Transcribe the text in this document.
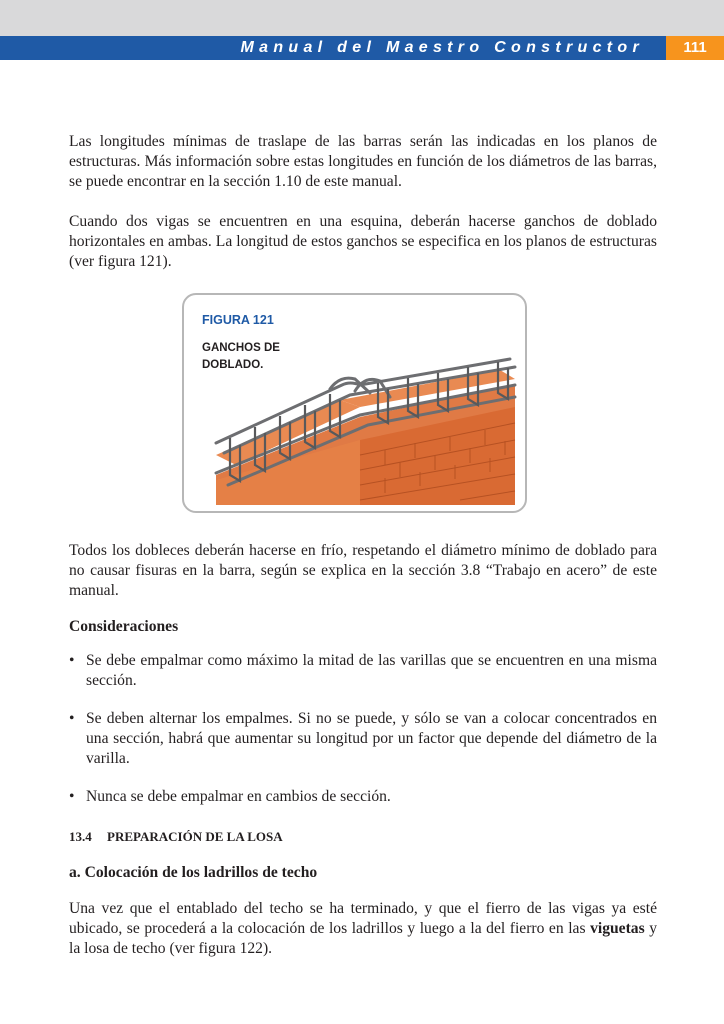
Manual del Maestro Constructor	111

Las longitudes mínimas de traslape de las barras serán las indicadas en los planos de estructuras. Más información sobre estas longitudes en función de los diámetros de las barras, se puede encontrar en la sección 1.10 de este manual.

Cuando dos vigas se encuentren en una esquina, deberán hacerse ganchos de doblado horizontales en ambas. La longitud de estos ganchos se especifica en los planos de estructuras (ver figura 121).

FIGURA 121
GANCHOS DE
DOBLADO.

Todos los dobleces deberán hacerse en frío, respetando el diámetro mínimo de doblado para no causar fisuras en la barra, según se explica en la sección 3.8 “Trabajo en acero” de este manual.

Consideraciones
• Se debe empalmar como máximo la mitad de las varillas que se encuentren en una misma sección.
• Se deben alternar los empalmes. Si no se puede, y sólo se van a colocar concentrados en una sección, habrá que aumentar su longitud por un factor que depende del diámetro de la varilla.
• Nunca se debe empalmar en cambios de sección.

13.4 PREPARACIÓN DE LA LOSA

a. Colocación de los ladrillos de techo

Una vez que el entablado del techo se ha terminado, y que el fierro de las vigas ya esté ubicado, se procederá a la colocación de los ladrillos y luego a la del fierro en las viguetas y la losa de techo (ver figura 122).
